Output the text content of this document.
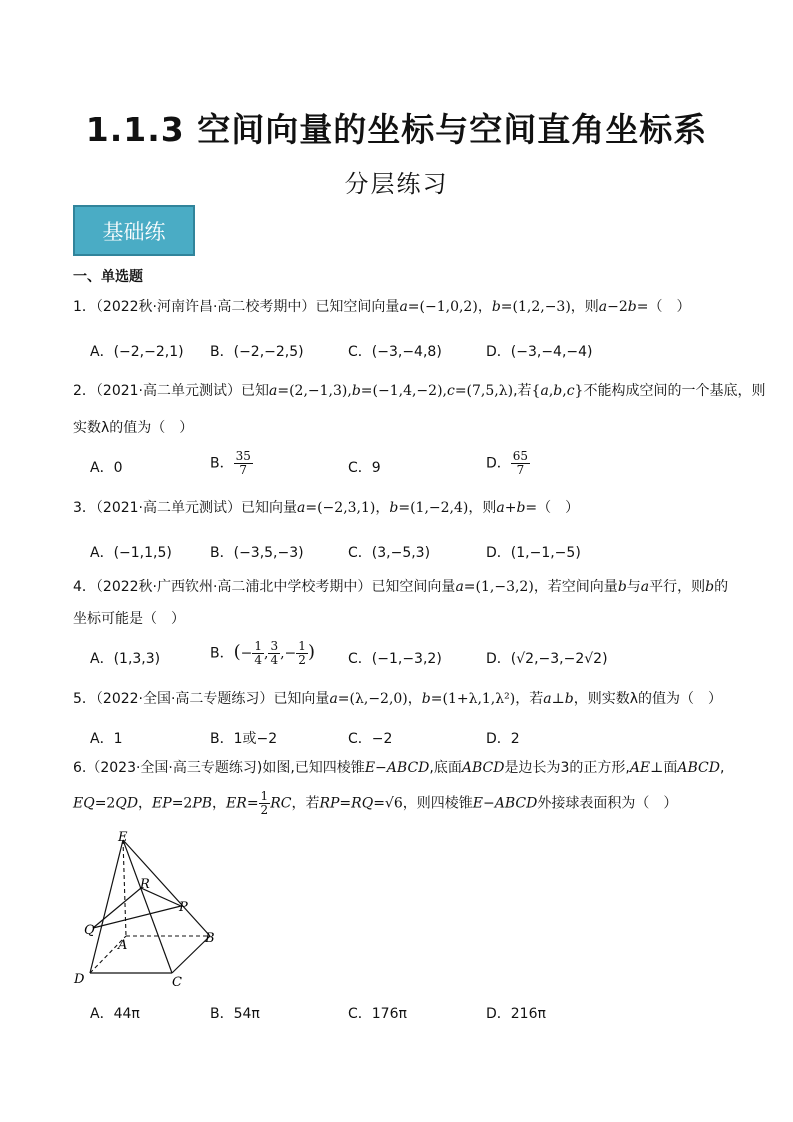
1.1.3 空间向量的坐标与空间直角坐标系
分层练习
基础练
一、单选题
1．（2022秋·河南许昌·高二校考期中）已知空间向量a=(−1,0,2)，b=(1,2,−3)，则a−2b=（　）
A．(−2,−2,1) B．(−2,−2,5)	C．(−3,−4,8)	D．(−3,−4,−4)
2．（2021·高二单元测试）已知a=(2,−1,3),b=(−1,4,−2),c=(7,5,λ),若{a,b,c}不能构成空间的一个基底，则
实数λ的值为（　）
A．0	B． $\frac{35}{7}$	C．9	D． $\frac{65}{7}$
3．（2021·高二单元测试）已知向量a=(−2,3,1)，b=(1,−2,4)，则a+b=（　）
A．(−1,1,5)	B．(−3,5,−3)	C．(3,−5,3)	D．(1,−1,−5)
4．（2022秋·广西钦州·高二浦北中学校考期中）已知空间向量a=(1,−3,2)，若空间向量b与a平行，则b的
坐标可能是（　）
A．(1,3,3)	B．(− $\frac{1}{4}$ , $\frac{3}{4}$ ,− $\frac{1}{2}$ ) C．(−1,−3,2)	D．(√2,−3,−2√2)
5．（2022·全国·高二专题练习）已知向量a=(λ,−2,0)，b=(1+λ,1,λ²)，若a⊥b，则实数λ的值为（　）
A．1	B．1或−2	C．−2	D．2
6.（2023·全国·高三专题练习)如图,已知四棱锥E−ABCD,底面ABCD是边长为3的正方形,AE⊥面ABCD,
EQ=2QD，EP=2PB，$ER= \frac{1}{2}$ RC，若RP=RQ=√6，则四棱锥E−ABCD外接球表面积为（　）
E
R
P
Q
A	B
D	C
A．44π	B．54π	C．176π	D．216π
